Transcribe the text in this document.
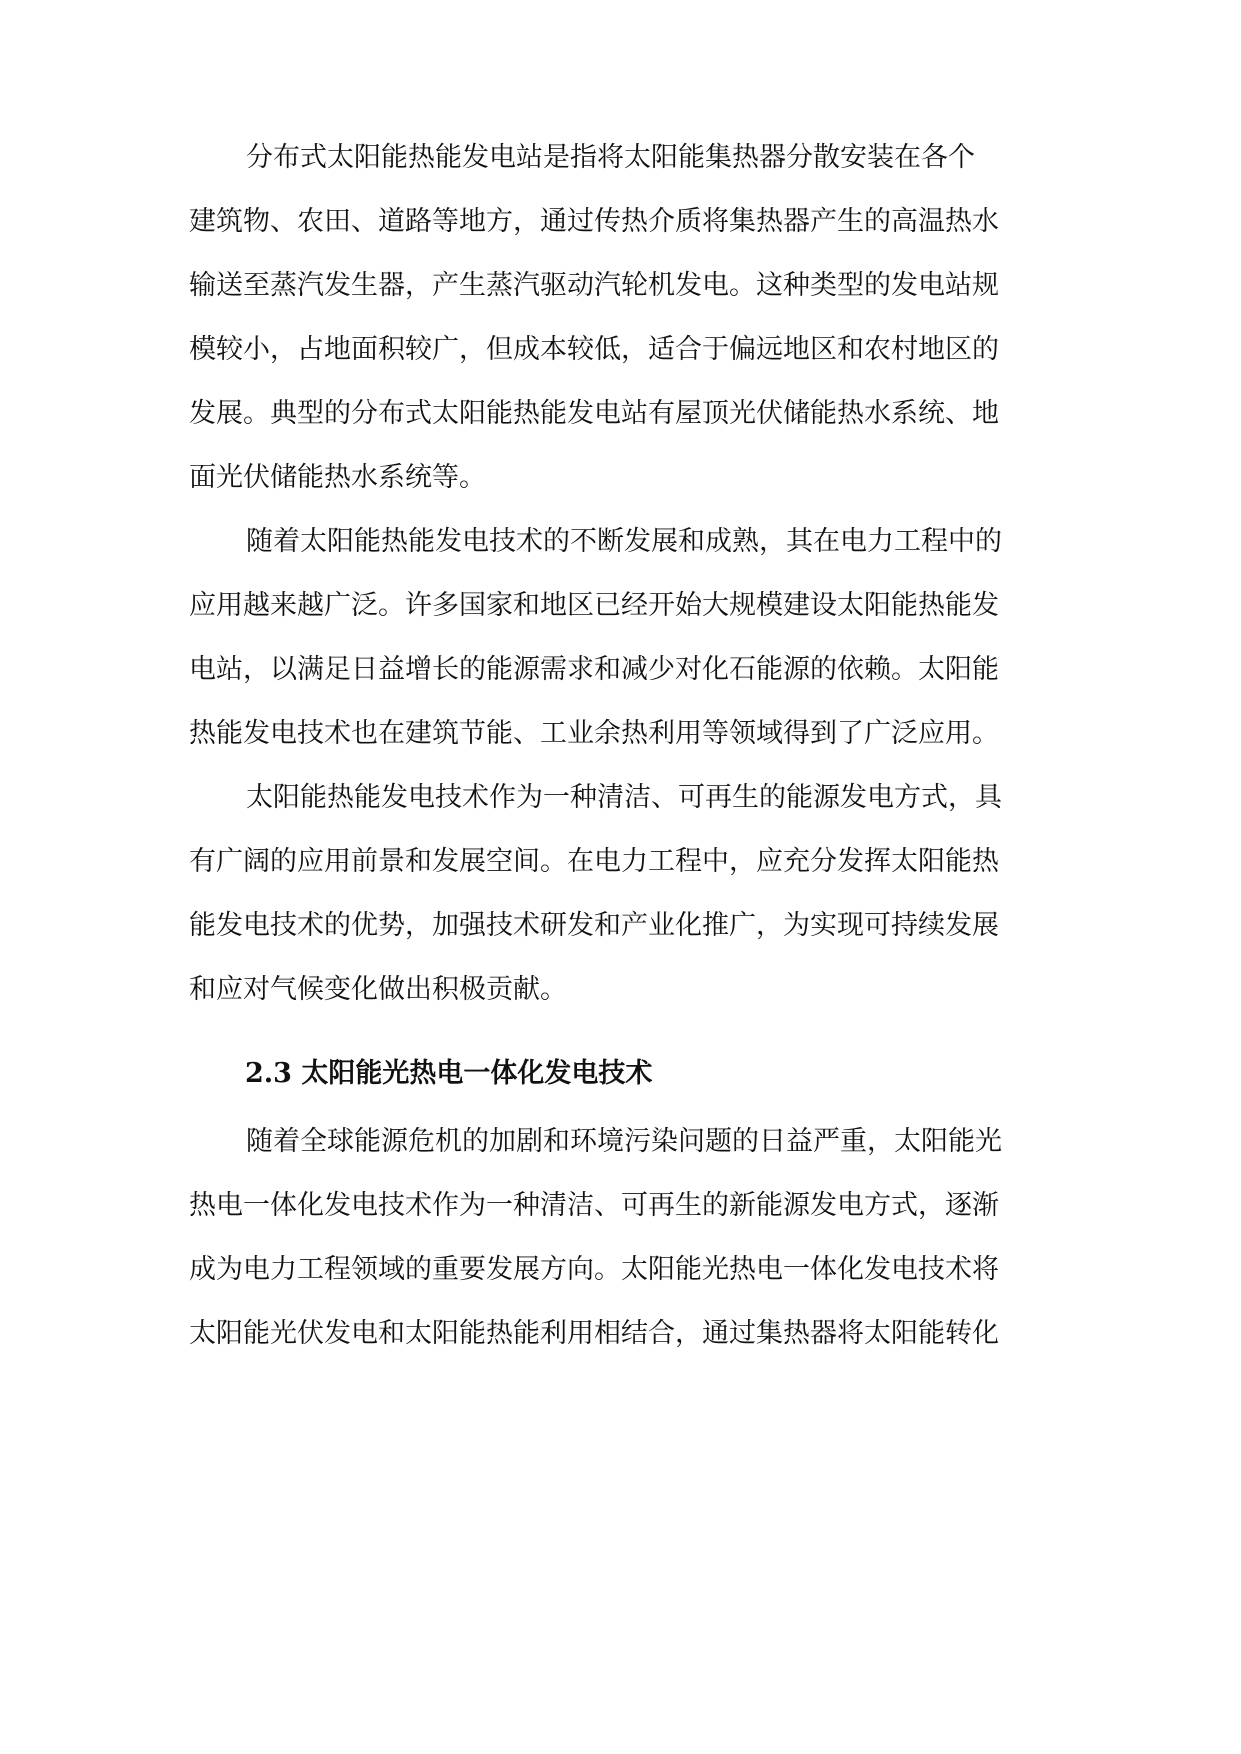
分布式太阳能热能发电站是指将太阳能集热器分散安装在各个
建筑物、农田、道路等地方，通过传热介质将集热器产生的高温热水
输送至蒸汽发生器，产生蒸汽驱动汽轮机发电。这种类型的发电站规
模较小，占地面积较广，但成本较低，适合于偏远地区和农村地区的
发展。典型的分布式太阳能热能发电站有屋顶光伏储能热水系统、地
面光伏储能热水系统等。
随着太阳能热能发电技术的不断发展和成熟，其在电力工程中的
应用越来越广泛。许多国家和地区已经开始大规模建设太阳能热能发
电站，以满足日益增长的能源需求和减少对化石能源的依赖。太阳能
热能发电技术也在建筑节能、工业余热利用等领域得到了广泛应用。
太阳能热能发电技术作为一种清洁、可再生的能源发电方式，具
有广阔的应用前景和发展空间。在电力工程中，应充分发挥太阳能热
能发电技术的优势，加强技术研发和产业化推广，为实现可持续发展
和应对气候变化做出积极贡献。
2.3 太阳能光热电一体化发电技术
随着全球能源危机的加剧和环境污染问题的日益严重，太阳能光
热电一体化发电技术作为一种清洁、可再生的新能源发电方式，逐渐
成为电力工程领域的重要发展方向。太阳能光热电一体化发电技术将
太阳能光伏发电和太阳能热能利用相结合，通过集热器将太阳能转化
